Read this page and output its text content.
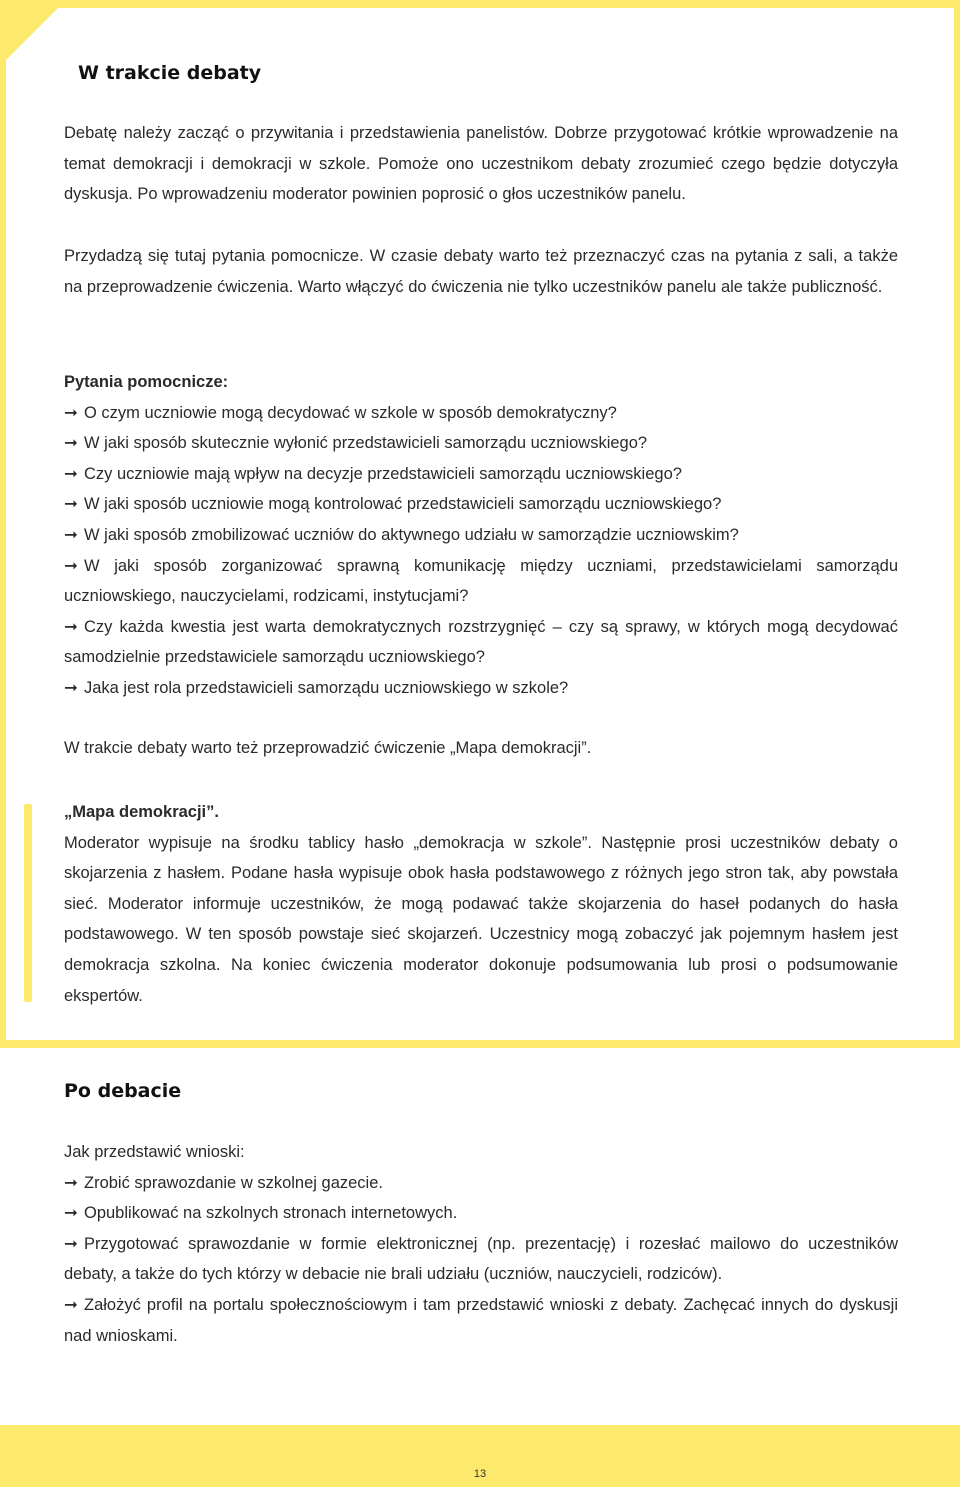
W trakcie debaty

Debatę należy zacząć o przywitania i przedstawienia panelistów. Dobrze przygotować krótkie wprowadzenie na temat demokracji i demokracji w szkole. Pomoże ono uczestnikom debaty zrozumieć czego będzie dotyczyła dyskusja. Po wprowadzeniu moderator powinien poprosić o głos uczestników panelu.

Przydadzą się tutaj pytania pomocnicze. W czasie debaty warto też przeznaczyć czas na pytania z sali, a także na przeprowadzenie ćwiczenia. Warto włączyć do ćwiczenia nie tylko uczestników panelu ale także publiczność.

Pytania pomocnicze:
➞ O czym uczniowie mogą decydować w szkole w sposób demokratyczny?
➞ W jaki sposób skutecznie wyłonić przedstawicieli samorządu uczniowskiego?
➞ Czy uczniowie mają wpływ na decyzje przedstawicieli samorządu uczniowskiego?
➞ W jaki sposób uczniowie mogą kontrolować przedstawicieli samorządu uczniowskiego?
➞ W jaki sposób zmobilizować uczniów do aktywnego udziału w samorządzie uczniowskim?
➞ W jaki sposób zorganizować sprawną komunikację między uczniami, przedstawicielami samorządu uczniowskiego, nauczycielami, rodzicami, instytucjami?
➞ Czy każda kwestia jest warta demokratycznych rozstrzygnięć – czy są sprawy, w których mogą decydować samodzielnie przedstawiciele samorządu uczniowskiego?
➞ Jaka jest rola przedstawicieli samorządu uczniowskiego w szkole?

W trakcie debaty warto też przeprowadzić ćwiczenie „Mapa demokracji”.

„Mapa demokracji”.

Moderator wypisuje na środku tablicy hasło „demokracja w szkole”. Następnie prosi uczestników debaty o skojarzenia z hasłem. Podane hasła wypisuje obok hasła podstawowego z różnych jego stron tak, aby powstała sieć. Moderator informuje uczestników, że mogą podawać także skojarzenia do haseł podanych do hasła podstawowego. W ten sposób powstaje sieć skojarzeń. Uczestnicy mogą zobaczyć jak pojemnym hasłem jest demokracja szkolna. Na koniec ćwiczenia moderator dokonuje podsumowania lub prosi o podsumowanie ekspertów.

Po debacie
Jak przedstawić wnioski:
➞ Zrobić sprawozdanie w szkolnej gazecie.
➞ Opublikować na szkolnych stronach internetowych.
➞ Przygotować sprawozdanie w formie elektronicznej (np. prezentację) i rozesłać mailowo do uczestników debaty, a także do tych którzy w debacie nie brali udziału (uczniów, nauczycieli, rodziców).
➞ Założyć profil na portalu społecznościowym i tam przedstawić wnioski z debaty. Zachęcać innych do dyskusji nad wnioskami.
13
